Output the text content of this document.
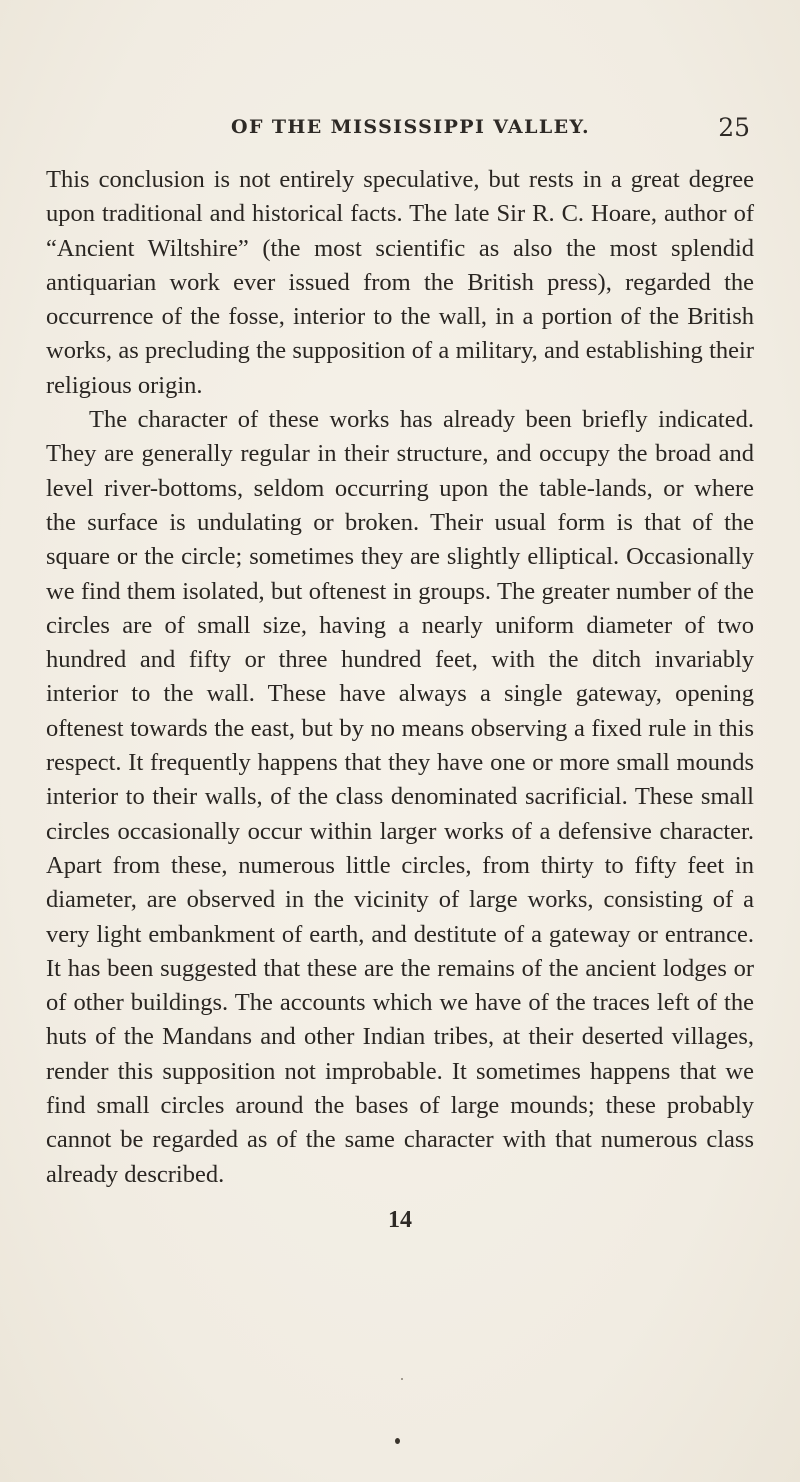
OF THE MISSISSIPPI VALLEY.	25

This conclusion is not entirely speculative, but rests in a great degree upon traditional and historical facts. The late Sir R. C. Hoare, author of “Ancient Wiltshire” (the most scientific as also the most splendid antiquarian work ever issued from the British press), regarded the occurrence of the fosse, interior to the wall, in a portion of the British works, as precluding the supposition of a military, and establishing their religious origin.

The character of these works has already been briefly indicated. They are generally regular in their structure, and occupy the broad and level river-bottoms, seldom occurring upon the table-lands, or where the surface is undulating or broken. Their usual form is that of the square or the circle; sometimes they are slightly elliptical. Occasionally we find them isolated, but oftenest in groups. The greater number of the circles are of small size, having a nearly uniform diameter of two hundred and fifty or three hundred feet, with the ditch invariably interior to the wall. These have always a single gateway, opening oftenest towards the east, but by no means observing a fixed rule in this respect. It frequently happens that they have one or more small mounds interior to their walls, of the class denominated sacrificial. These small circles occasionally occur within larger works of a defensive character. Apart from these, numerous little circles, from thirty to fifty feet in diameter, are observed in the vicinity of large works, consisting of a very light embankment of earth, and destitute of a gateway or entrance. It has been suggested that these are the remains of the ancient lodges or of other buildings. The accounts which we have of the traces left of the huts of the Mandans and other Indian tribes, at their deserted villages, render this supposition not improbable. It sometimes happens that we find small circles around the bases of large mounds; these probably cannot be regarded as of the same character with that numerous class already described.

14
